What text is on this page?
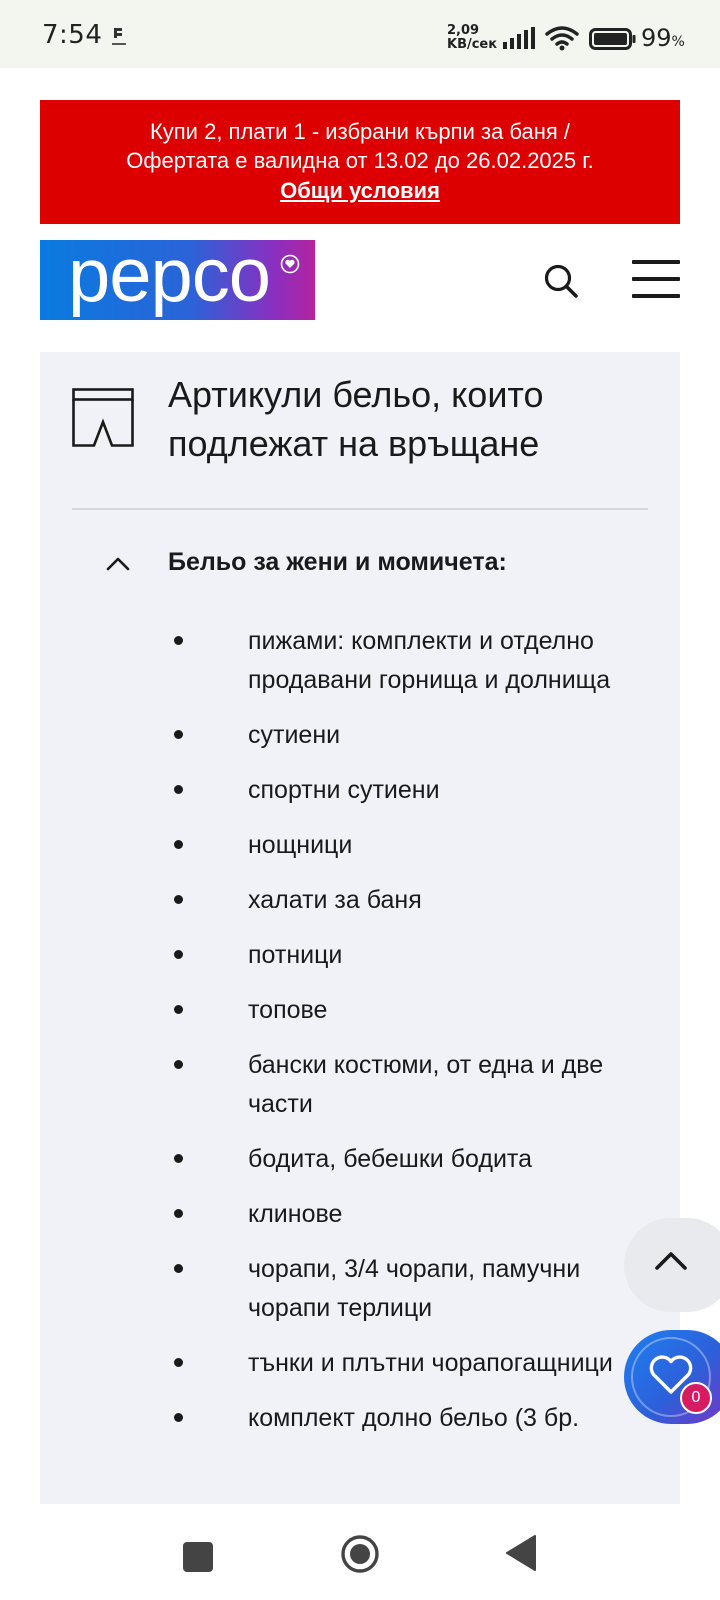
7:54	2,09
KB/сек	99%
Купи 2, плати 1 - избрани кърпи за баня /
Офертата е валидна от 13.02 до 26.02.2025 г.
Общи условия
pepco
Артикули бельо, които подлежат на връщане
Бельо за жени и момичета:
пижами: комплекти и отделно продавани горнища и долнища
сутиени
спортни сутиени
нощници
халати за баня
потници
топове
бански костюми, от една и две части
бодита, бебешки бодита
клинове
чорапи, 3/4 чорапи, памучни чорапи терлици
тънки и плътни чорапогащници
комплект долно бельо (3 бр.
0
